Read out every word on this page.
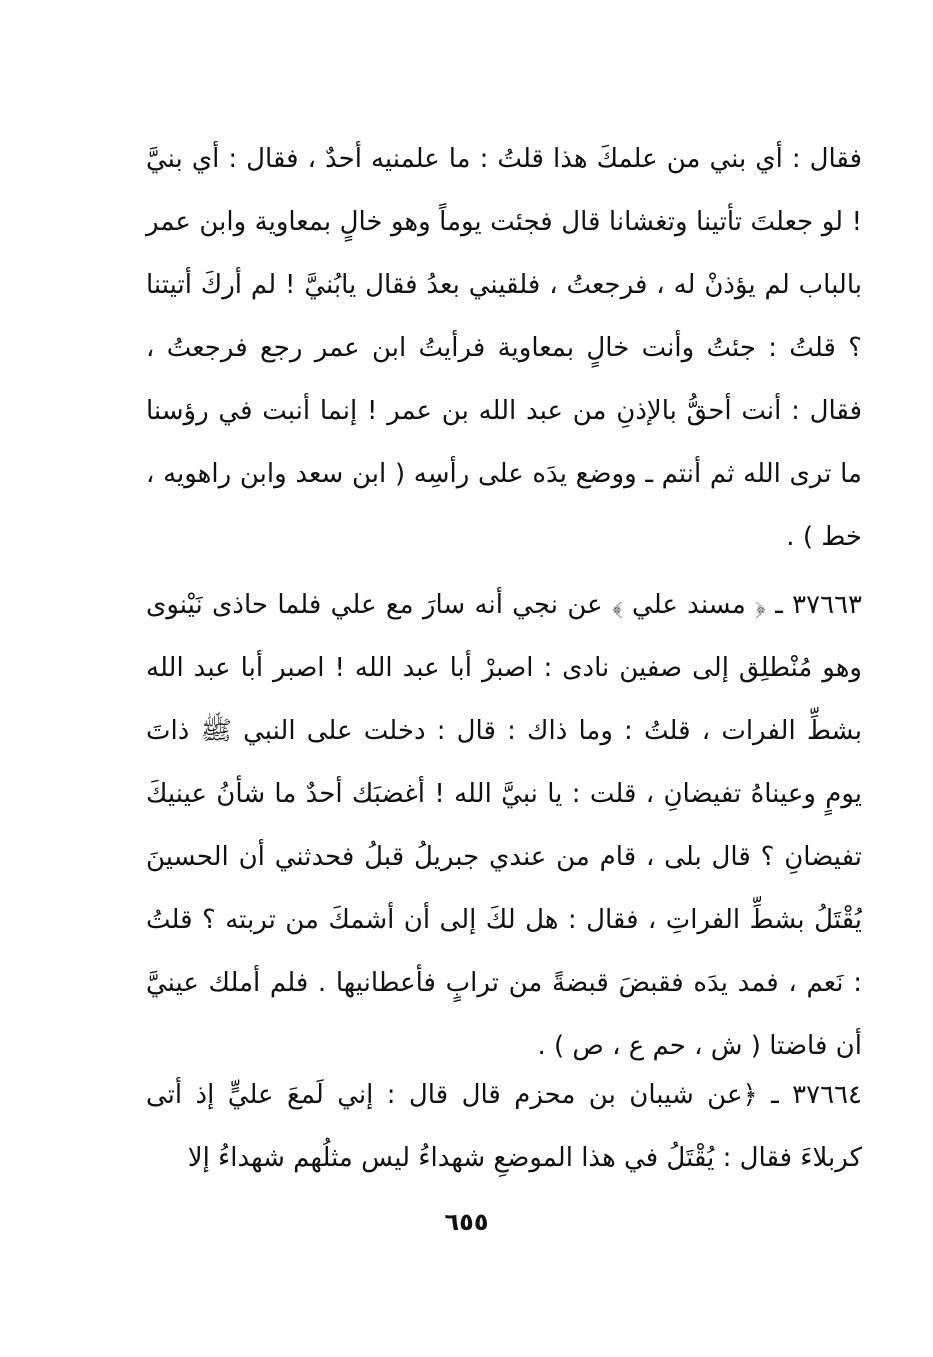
فقال : أي بني من علمكَ هذا قلتُ : ما علمنيه أحدٌ ، فقال : أي بنيَّ ! لو جعلتَ تأتينا وتغشانا قال فجئت يوماً وهو خالٍ بمعاوية وابن عمر بالباب لم يؤذنْ له ، فرجعتُ ، فلقيني بعدُ فقال يابُنيَّ ! لم أركَ أتيتنا ؟ قلتُ : جئتُ وأنت خالٍ بمعاوية فرأيتُ ابن عمر رجع فرجعتُ ، فقال : أنت أحقُّ بالإذنِ من عبد الله بن عمر ! إنما أنبت في رؤسنا ما ترى الله ثم أنتم ـ ووضع يدَه على رأسِه ( ابن سعد وابن راهويه ، خط ) .

٣٧٦٦٣ ـ ﴿ مسند علي ﴾ عن نجي أنه سارَ مع علي فلما حاذى نَيْنوى وهو مُنْطلِق إلى صفين نادى : اصبرْ أبا عبد الله ! اصبر أبا عبد الله بشطِّ الفرات ، قلتُ : وما ذاك : قال : دخلت على النبي ﷺ ذاتَ يومٍ وعيناهُ تفيضانِ ، قلت : يا نبيَّ الله ! أغضبَك أحدٌ ما شأنُ عينيكَ تفيضانِ ؟ قال بلى ، قام من عندي جبريلُ قبلُ فحدثني أن الحسينَ يُقْتَلُ بشطِّ الفراتِ ، فقال : هل لكَ إلى أن أشمكَ من تربته ؟ قلتُ : نَعم ، فمد يدَه فقبضَ قبضةً من ترابٍ فأعطانيها . فلم أملك عينيَّ أن فاضتا ( ش ، حم ع ، ص ) .

٣٧٦٦٤ ـ ﴿عن شيبان بن محزم قال قال : إني لَمعَ عليٍّ إذ أتى كربلاءَ فقال : يُقْتَلُ في هذا الموضعِ شهداءُ ليس مثلُهم شهداءُ إلا

٦٥٥
